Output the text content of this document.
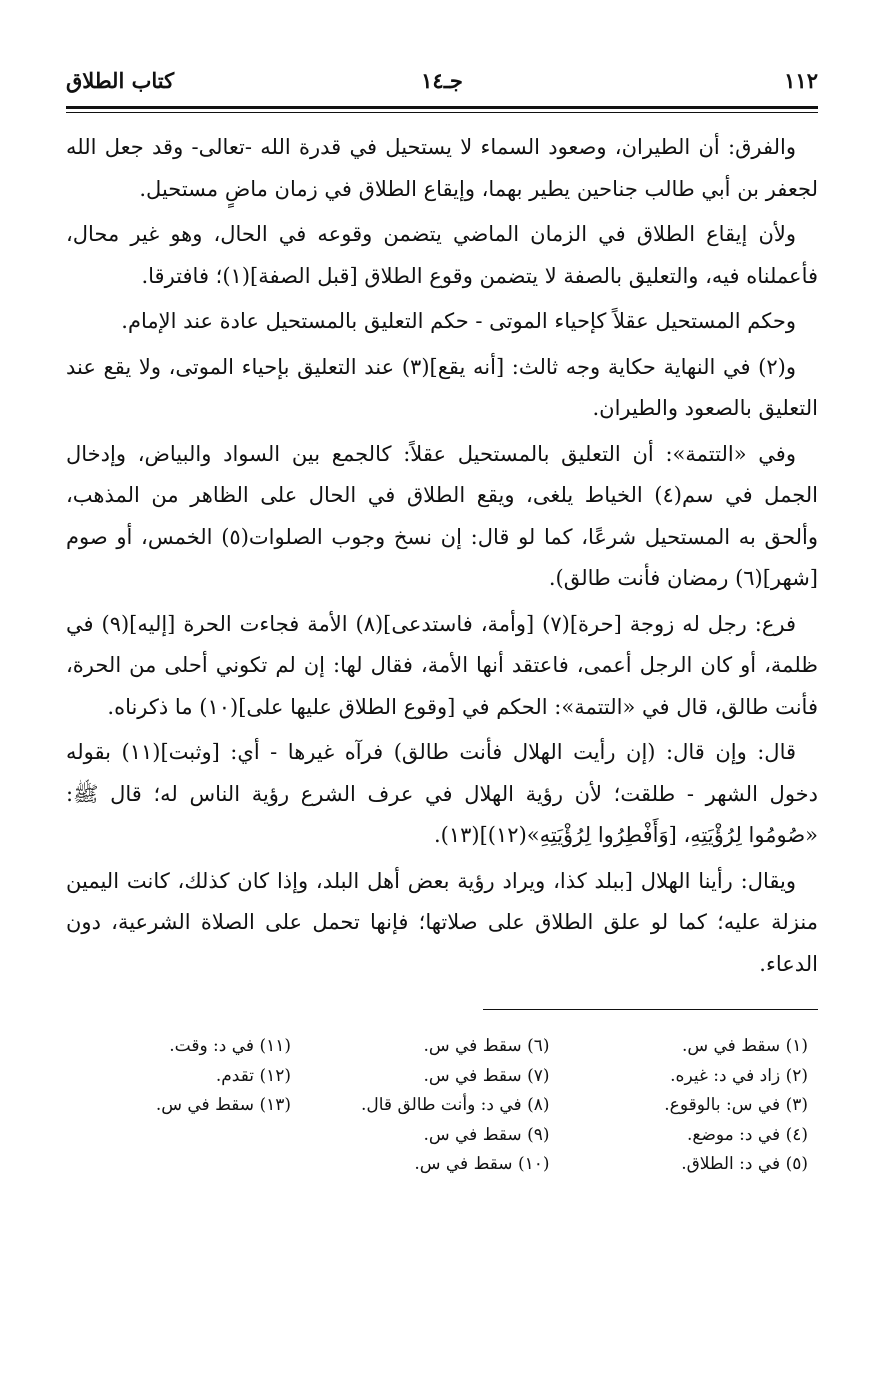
١١٢
جـ١٤
كتاب الطلاق

والفرق: أن الطيران، وصعود السماء لا يستحيل في قدرة الله -تعالى- وقد جعل الله لجعفر بن أبي طالب جناحين يطير بهما، وإيقاع الطلاق في زمان ماضٍ مستحيل.

ولأن إيقاع الطلاق في الزمان الماضي يتضمن وقوعه في الحال، وهو غير محال، فأعملناه فيه، والتعليق بالصفة لا يتضمن وقوع الطلاق [قبل الصفة](١)؛ فافترقا.

وحكم المستحيل عقلاً كإحياء الموتى - حكم التعليق بالمستحيل عادة عند الإمام.

و(٢) في النهاية حكاية وجه ثالث: [أنه يقع](٣) عند التعليق بإحياء الموتى، ولا يقع عند التعليق بالصعود والطيران.

وفي «التتمة»: أن التعليق بالمستحيل عقلاً: كالجمع بين السواد والبياض، وإدخال الجمل في سم(٤) الخياط يلغى، ويقع الطلاق في الحال على الظاهر من المذهب، وألحق به المستحيل شرعًا، كما لو قال: إن نسخ وجوب الصلوات(٥) الخمس، أو صوم [شهر](٦) رمضان فأنت طالق).

فرع: رجل له زوجة [حرة](٧) [وأمة، فاستدعى](٨) الأمة فجاءت الحرة [إليه](٩) في ظلمة، أو كان الرجل أعمى، فاعتقد أنها الأمة، فقال لها: إن لم تكوني أحلى من الحرة، فأنت طالق، قال في «التتمة»: الحكم في [وقوع الطلاق عليها على](١٠) ما ذكرناه.

قال: وإن قال: (إن رأيت الهلال فأنت طالق) فرآه غيرها - أي: [وثبت](١١) بقوله دخول الشهر - طلقت؛ لأن رؤية الهلال في عرف الشرع رؤية الناس له؛ قال ﷺ: «صُومُوا لِرُؤْيَتِهِ، [وَأَفْطِرُوا لِرُؤْيَتِهِ»(١٢)](١٣).

ويقال: رأينا الهلال [ببلد كذا، ويراد رؤية بعض أهل البلد، وإذا كان كذلك، كانت اليمين منزلة عليه؛ كما لو علق الطلاق على صلاتها؛ فإنها تحمل على الصلاة الشرعية، دون الدعاء.

(١) سقط في س.
(٢) زاد في د: غيره.
(٣) في س: بالوقوع.
(٤) في د: موضع.
(٥) في د: الطلاق.
(٦) سقط في س.
(٧) سقط في س.
(٨) في د: وأنت طالق قال.
(٩) سقط في س.
(١٠) سقط في س.
(١١) في د: وقت.
(١٢) تقدم.
(١٣) سقط في س.
